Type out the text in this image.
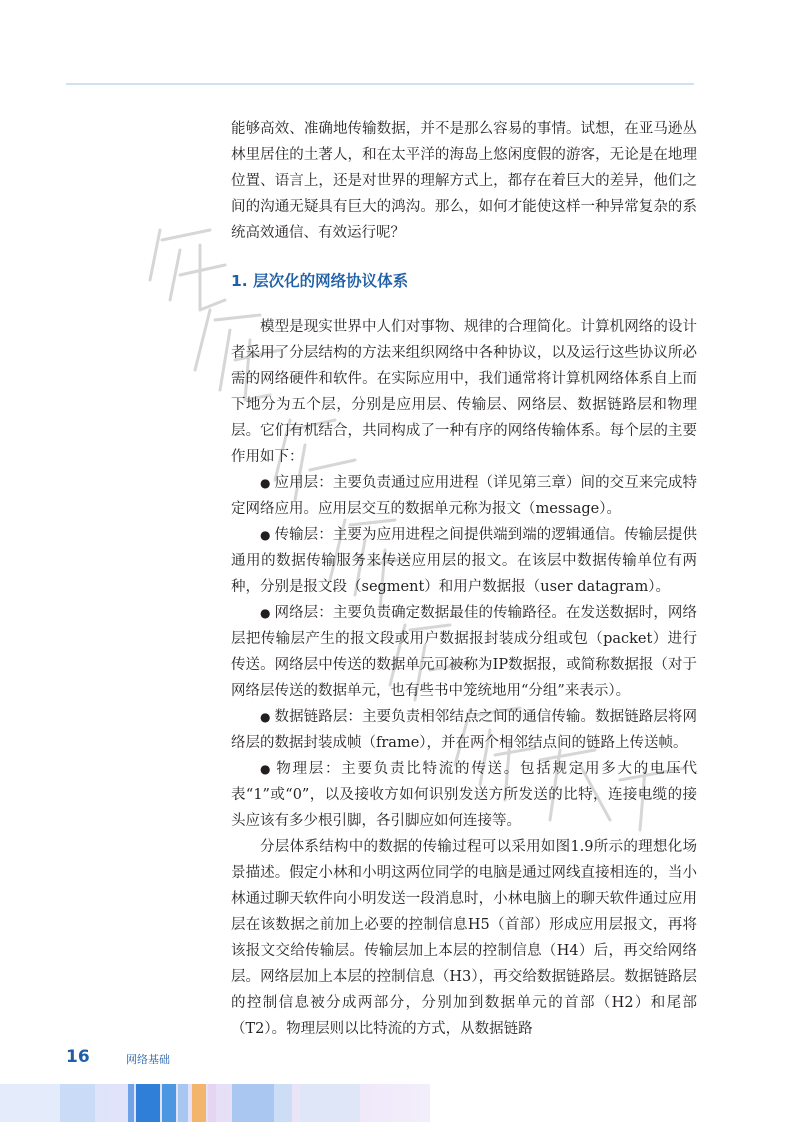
能够高效、准确地传输数据，并不是那么容易的事情。试想，在亚马逊丛林里居住的土著人，和在太平洋的海岛上悠闲度假的游客，无论是在地理位置、语言上，还是对世界的理解方式上，都存在着巨大的差异，他们之间的沟通无疑具有巨大的鸿沟。那么，如何才能使这样一种异常复杂的系统高效通信、有效运行呢？

1. 层次化的网络协议体系

模型是现实世界中人们对事物、规律的合理简化。计算机网络的设计者采用了分层结构的方法来组织网络中各种协议，以及运行这些协议所必需的网络硬件和软件。在实际应用中，我们通常将计算机网络体系自上而下地分为五个层，分别是应用层、传输层、网络层、数据链路层和物理层。它们有机结合，共同构成了一种有序的网络传输体系。每个层的主要作用如下：

● 应用层：主要负责通过应用进程（详见第三章）间的交互来完成特定网络应用。应用层交互的数据单元称为报文（message）。
● 传输层：主要为应用进程之间提供端到端的逻辑通信。传输层提供通用的数据传输服务来传送应用层的报文。在该层中数据传输单位有两种，分别是报文段（segment）和用户数据报（user datagram）。
● 网络层：主要负责确定数据最佳的传输路径。在发送数据时，网络层把传输层产生的报文段或用户数据报封装成分组或包（packet）进行传送。网络层中传送的数据单元可被称为IP数据报，或简称数据报（对于网络层传送的数据单元，也有些书中笼统地用“分组”来表示）。
● 数据链路层：主要负责相邻结点之间的通信传输。数据链路层将网络层的数据封装成帧（frame），并在两个相邻结点间的链路上传送帧。
● 物理层：主要负责比特流的传送。包括规定用多大的电压代表“1”或“0”，以及接收方如何识别发送方所发送的比特，连接电缆的接头应该有多少根引脚，各引脚应如何连接等。

分层体系结构中的数据的传输过程可以采用如图1.9所示的理想化场景描述。假定小林和小明这两位同学的电脑是通过网线直接相连的，当小林通过聊天软件向小明发送一段消息时，小林电脑上的聊天软件通过应用层在该数据之前加上必要的控制信息H5（首部）形成应用层报文，再将该报文交给传输层。传输层加上本层的控制信息（H4）后，再交给网络层。网络层加上本层的控制信息（H3），再交给数据链路层。数据链路层的控制信息被分成两部分，分别加到数据单元的首部（H2）和尾部（T2）。物理层则以比特流的方式，从数据链路

16	网络基础
